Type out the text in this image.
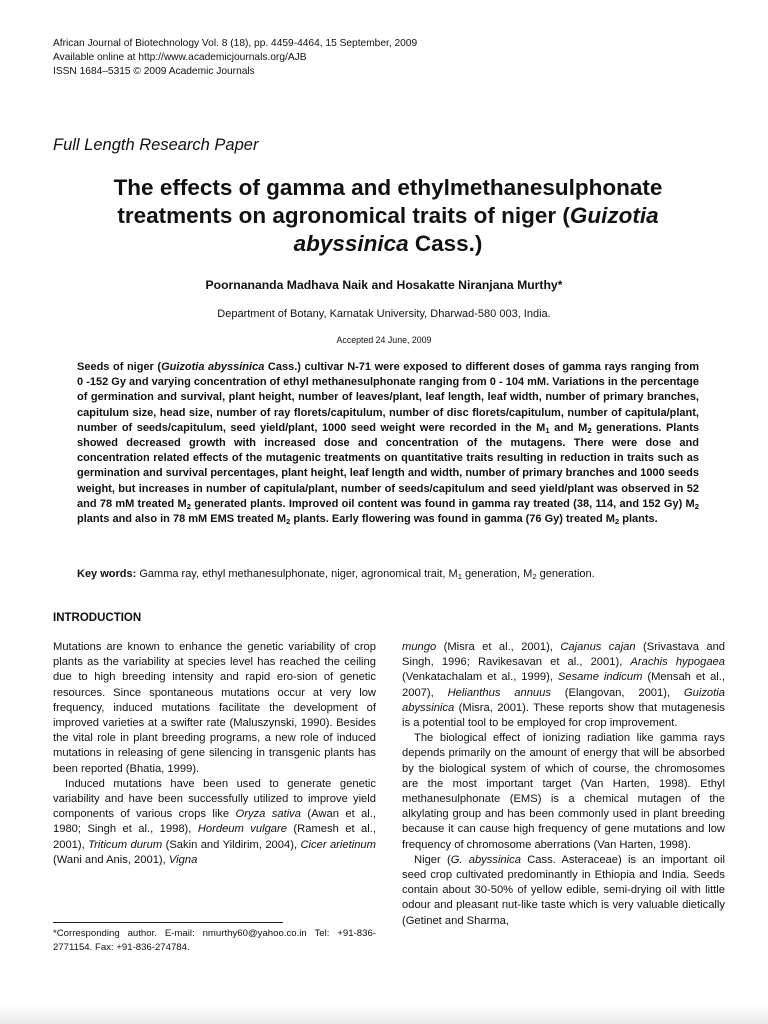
African Journal of Biotechnology Vol. 8 (18), pp. 4459-4464, 15 September, 2009
Available online at http://www.academicjournals.org/AJB
ISSN 1684–5315 © 2009 Academic Journals
Full Length Research Paper
The effects of gamma and ethylmethanesulphonate treatments on agronomical traits of niger (Guizotia abyssinica Cass.)
Poornananda Madhava Naik and Hosakatte Niranjana Murthy*
Department of Botany, Karnatak University, Dharwad-580 003, India.
Accepted 24 June, 2009

Seeds of niger (Guizotia abyssinica Cass.) cultivar N-71 were exposed to different doses of gamma rays ranging from 0 -152 Gy and varying concentration of ethyl methanesulphonate ranging from 0 - 104 mM. Variations in the percentage of germination and survival, plant height, number of leaves/plant, leaf length, leaf width, number of primary branches, capitulum size, head size, number of ray florets/capitulum, number of disc florets/capitulum, number of capitula/plant, number of seeds/capitulum, seed yield/plant, 1000 seed weight were recorded in the $M_1$ and $M_2$ generations. Plants showed decreased growth with increased dose and concentration of the mutagens. There were dose and concentration related effects of the mutagenic treatments on quantitative traits resulting in reduction in traits such as germination and survival percentages, plant height, leaf length and width, number of primary branches and 1000 seeds weight, but increases in number of capitula/plant, number of seeds/capitulum and seed yield/plant was observed in 52 and 78 mM treated $M_2$ generated plants. Improved oil content was found in gamma ray treated (38, 114, and 152 Gy) $M_2$ plants and also in 78 mM EMS treated $M_2$ plants. Early flowering was found in gamma (76 Gy) treated $M_2$ plants.

Key words: Gamma ray, ethyl methanesulphonate, niger, agronomical trait, $M_1$ generation, $M_2$ generation.
INTRODUCTION

Mutations are known to enhance the genetic variability of crop plants as the variability at species level has reached the ceiling due to high breeding intensity and rapid ero-sion of genetic resources. Since spontaneous mutations occur at very low frequency, induced mutations facilitate the development of improved varieties at a swifter rate (Maluszynski, 1990). Besides the vital role in plant breeding programs, a new role of induced mutations in releasing of gene silencing in transgenic plants has been reported (Bhatia, 1999).

Induced mutations have been used to generate genetic variability and have been successfully utilized to improve yield components of various crops like Oryza sativa (Awan et al., 1980; Singh et al., 1998), Hordeum vulgare (Ramesh et al., 2001), Triticum durum (Sakin and Yildirim, 2004), Cicer arietinum (Wani and Anis, 2001), Vigna

mungo (Misra et al., 2001), Cajanus cajan (Srivastava and Singh, 1996; Ravikesavan et al., 2001), Arachis hypogaea (Venkatachalam et al., 1999), Sesame indicum (Mensah et al., 2007), Helianthus annuus (Elangovan, 2001), Guizotia abyssinica (Misra, 2001). These reports show that mutagenesis is a potential tool to be employed for crop improvement.

The biological effect of ionizing radiation like gamma rays depends primarily on the amount of energy that will be absorbed by the biological system of which of course, the chromosomes are the most important target (Van Harten, 1998). Ethyl methanesulphonate (EMS) is a chemical mutagen of the alkylating group and has been commonly used in plant breeding because it can cause high frequency of gene mutations and low frequency of chromosome aberrations (Van Harten, 1998).

Niger (G. abyssinica Cass. Asteraceae) is an important oil seed crop cultivated predominantly in Ethiopia and India. Seeds contain about 30-50% of yellow edible, semi-drying oil with little odour and pleasant nut-like taste which is very valuable dietically (Getinet and Sharma,

*Corresponding author. E-mail: nmurthy60@yahoo.co.in Tel: +91-836-2771154. Fax: +91-836-274784.
